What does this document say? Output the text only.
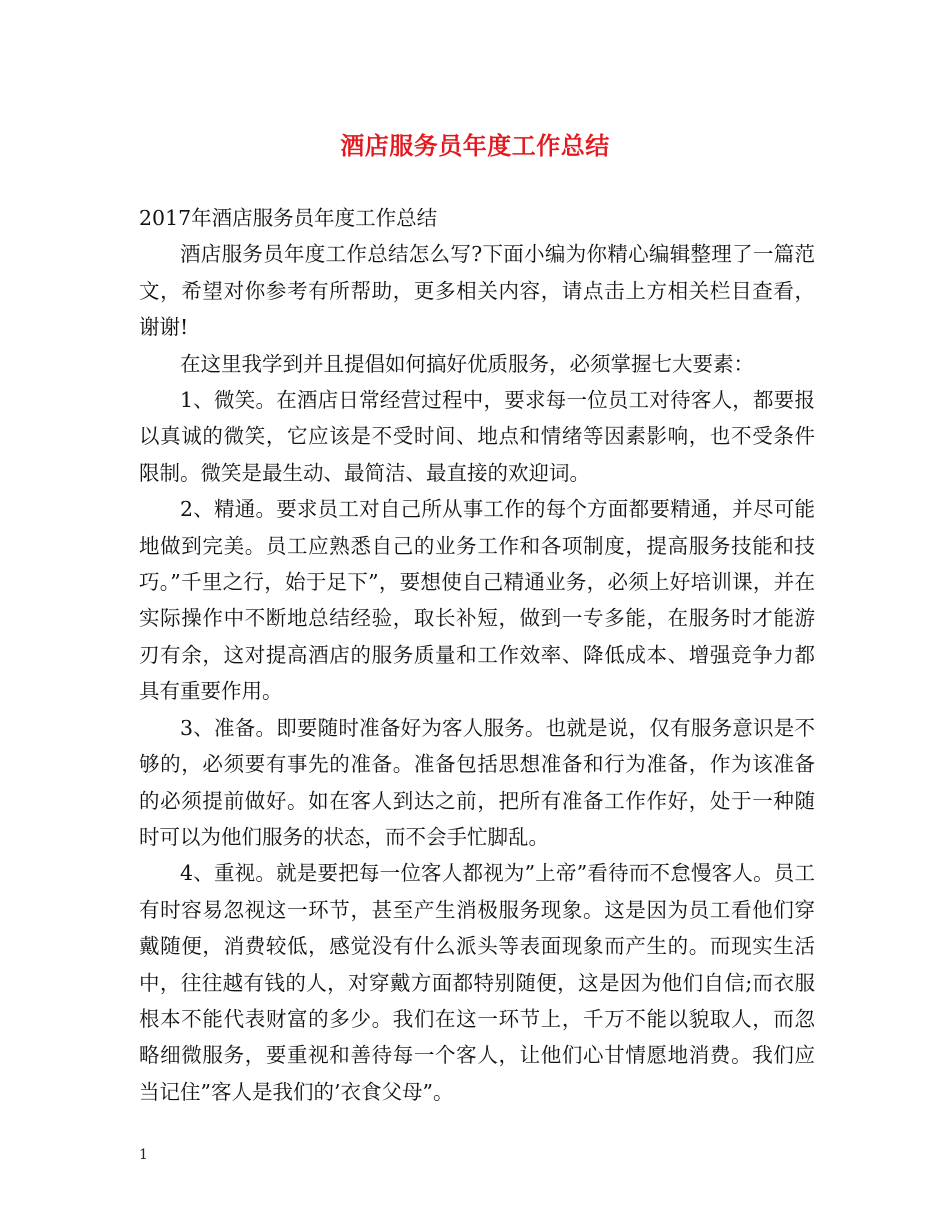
酒店服务员年度工作总结

2017年酒店服务员年度工作总结

酒店服务员年度工作总结怎么写?下面小编为你精心编辑整理了一篇范文，希望对你参考有所帮助，更多相关内容，请点击上方相关栏目查看，谢谢!

在这里我学到并且提倡如何搞好优质服务，必须掌握七大要素：

1、微笑。在酒店日常经营过程中，要求每一位员工对待客人，都要报以真诚的微笑，它应该是不受时间、地点和情绪等因素影响，也不受条件限制。微笑是最生动、最简洁、最直接的欢迎词。

2、精通。要求员工对自己所从事工作的每个方面都要精通，并尽可能地做到完美。员工应熟悉自己的业务工作和各项制度，提高服务技能和技巧。”千里之行，始于足下”，要想使自己精通业务，必须上好培训课，并在实际操作中不断地总结经验，取长补短，做到一专多能，在服务时才能游刃有余，这对提高酒店的服务质量和工作效率、降低成本、增强竞争力都具有重要作用。

3、准备。即要随时准备好为客人服务。也就是说，仅有服务意识是不够的，必须要有事先的准备。准备包括思想准备和行为准备，作为该准备的必须提前做好。如在客人到达之前，把所有准备工作作好，处于一种随时可以为他们服务的状态，而不会手忙脚乱。

4、重视。就是要把每一位客人都视为”上帝”看待而不怠慢客人。员工有时容易忽视这一环节，甚至产生消极服务现象。这是因为员工看他们穿戴随便，消费较低，感觉没有什么派头等表面现象而产生的。而现实生活中，往往越有钱的人，对穿戴方面都特别随便，这是因为他们自信;而衣服根本不能代表财富的多少。我们在这一环节上，千万不能以貌取人，而忽略细微服务，要重视和善待每一个客人，让他们心甘情愿地消费。我们应当记住”客人是我们的’衣食父母”。

1
